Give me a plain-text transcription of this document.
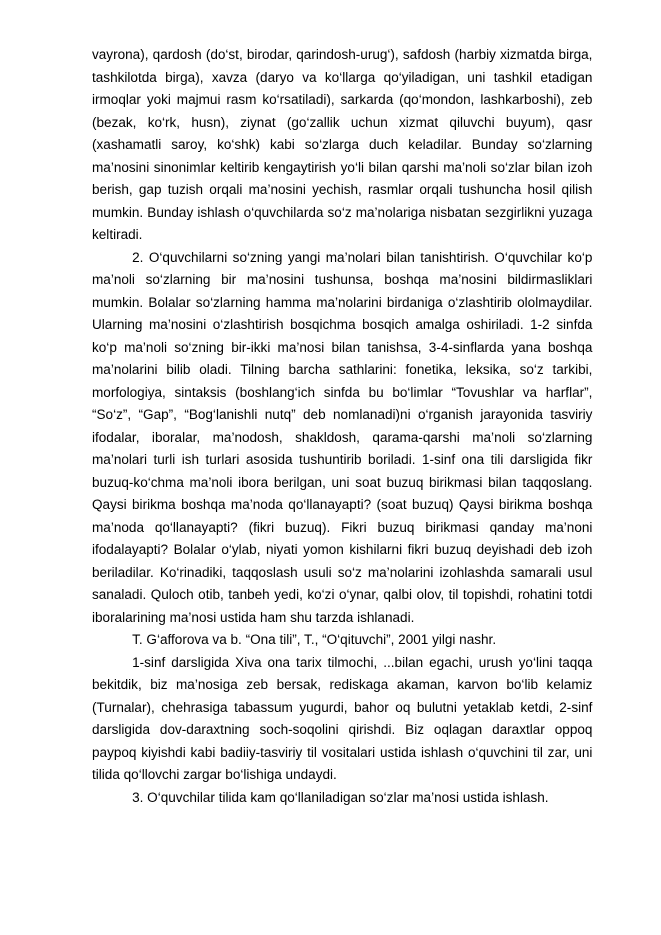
vayrona), qardosh (do‘st, birodar, qarindosh-urug‘), safdosh (harbiy xizmatda birga, tashkilotda birga), xavza (daryo va ko‘llarga qo‘yiladigan, uni tashkil etadigan irmoqlar yoki majmui rasm ko‘rsatiladi), sarkarda (qo‘mondon, lashkarboshi), zeb (bezak, ko‘rk, husn), ziynat (go‘zallik uchun xizmat qiluvchi buyum), qasr (xashamatli saroy, ko‘shk) kabi so‘zlarga duch keladilar. Bunday so‘zlarning ma’nosini sinonimlar keltirib kengaytirish yo‘li bilan qarshi ma’noli so‘zlar bilan izoh berish, gap tuzish orqali ma’nosini yechish, rasmlar orqali tushuncha hosil qilish mumkin. Bunday ishlash o‘quvchilarda so‘z ma’nolariga nisbatan sezgirlikni yuzaga keltiradi.

2. O‘quvchilarni so‘zning yangi ma’nolari bilan tanishtirish. O‘quvchilar ko‘p ma’noli so‘zlarning bir ma’nosini tushunsa, boshqa ma’nosini bildirmasliklari mumkin. Bolalar so‘zlarning hamma ma’nolarini birdaniga o‘zlashtirib ololmaydilar. Ularning ma’nosini o‘zlashtirish bosqichma bosqich amalga oshiriladi. 1-2 sinfda ko‘p ma’noli so‘zning bir-ikki ma’nosi bilan tanishsa, 3-4-sinflarda yana boshqa ma’nolarini bilib oladi. Tilning barcha sathlarini: fonetika, leksika, so‘z tarkibi, morfologiya, sintaksis (boshlang‘ich sinfda bu bo‘limlar “Tovushlar va harflar”, “So‘z”, “Gap”, “Bog‘lanishli nutq” deb nomlanadi)ni o‘rganish jarayonida tasviriy ifodalar, iboralar, ma’nodosh, shakldosh, qarama-qarshi ma’noli so‘zlarning ma’nolari turli ish turlari asosida tushuntirib boriladi. 1-sinf ona tili darsligida fikr buzuq-ko‘chma ma’noli ibora berilgan, uni soat buzuq birikmasi bilan taqqoslang. Qaysi birikma boshqa ma’noda qo‘llanayapti? (soat buzuq) Qaysi birikma boshqa ma’noda qo‘llanayapti? (fikri buzuq). Fikri buzuq birikmasi qanday ma’noni ifodalayapti? Bolalar o‘ylab, niyati yomon kishilarni fikri buzuq deyishadi deb izoh beriladilar. Ko‘rinadiki, taqqoslash usuli so‘z ma’nolarini izohlashda samarali usul sanaladi. Quloch otib, tanbeh yedi, ko‘zi o‘ynar, qalbi olov, til topishdi, rohatini totdi iboralarining ma’nosi ustida ham shu tarzda ishlanadi.

T. G‘afforova va b. “Ona tili”, T., “O‘qituvchi”, 2001 yilgi nashr.

1-sinf darsligida Xiva ona tarix tilmochi, ...bilan egachi, urush yo‘lini taqqa bekitdik, biz ma’nosiga zeb bersak, rediskaga akaman, karvon bo‘lib kelamiz (Turnalar), chehrasiga tabassum yugurdi, bahor oq bulutni yetaklab ketdi, 2-sinf darsligida dov-daraxtning soch-soqolini qirishdi. Biz oqlagan daraxtlar oppoq paypoq kiyishdi kabi badiiy-tasviriy til vositalari ustida ishlash o‘quvchini til zar, uni tilida qo‘llovchi zargar bo‘lishiga undaydi.

3. O‘quvchilar tilida kam qo‘llaniladigan so‘zlar ma’nosi ustida ishlash.
